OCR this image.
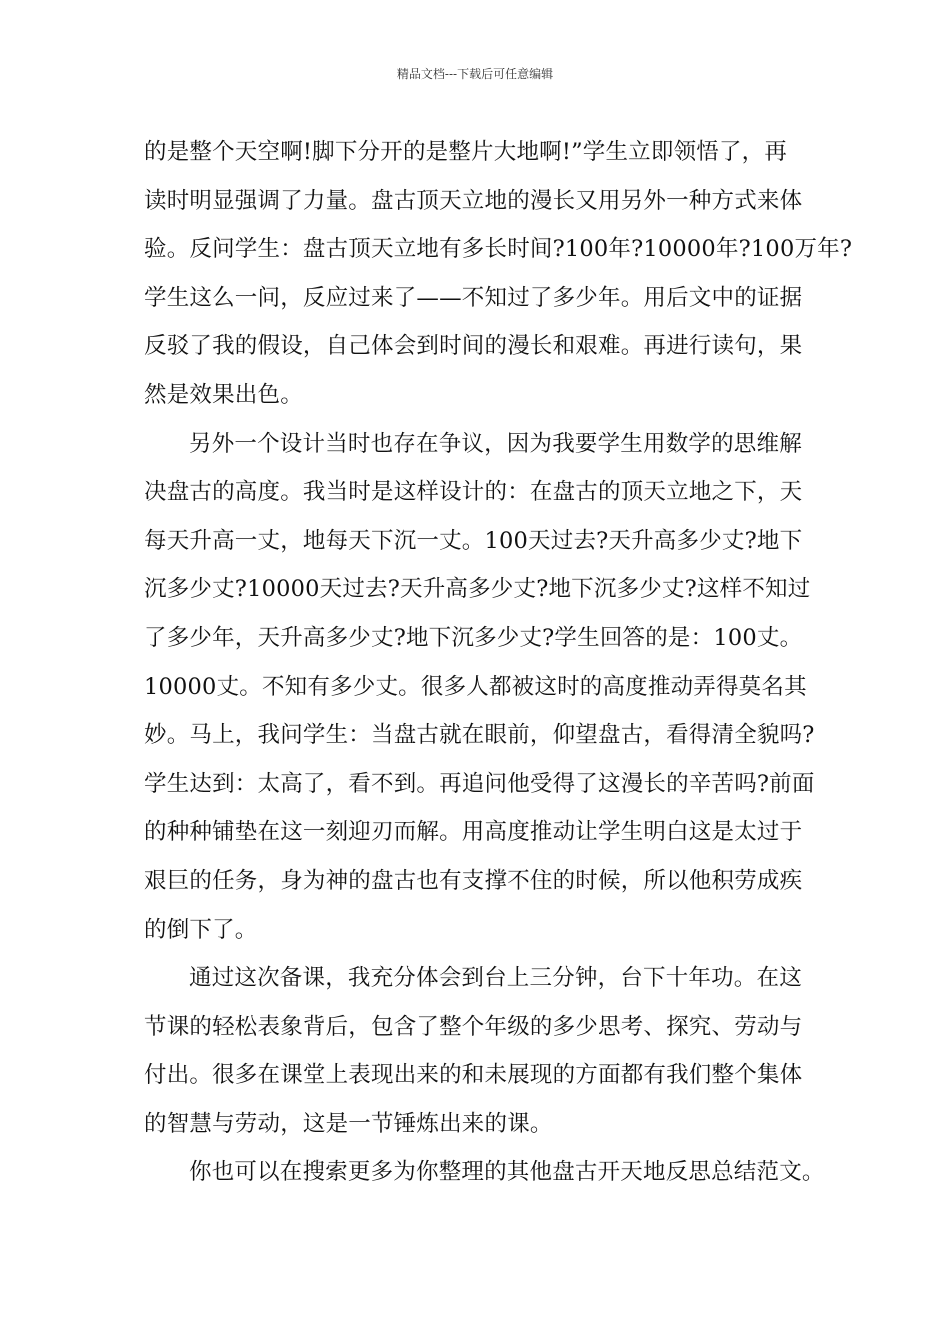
精品文档---下载后可任意编辑
的是整个天空啊!脚下分开的是整片大地啊!”学生立即领悟了，再
读时明显强调了力量。盘古顶天立地的漫长又用另外一种方式来体
验。反问学生：盘古顶天立地有多长时间?100年?10000年?100万年?
学生这么一问，反应过来了——不知过了多少年。用后文中的证据
反驳了我的假设，自己体会到时间的漫长和艰难。再进行读句，果
然是效果出色。
另外一个设计当时也存在争议，因为我要学生用数学的思维解
决盘古的高度。我当时是这样设计的：在盘古的顶天立地之下，天
每天升高一丈，地每天下沉一丈。100天过去?天升高多少丈?地下
沉多少丈?10000天过去?天升高多少丈?地下沉多少丈?这样不知过
了多少年，天升高多少丈?地下沉多少丈?学生回答的是：100丈。
10000丈。不知有多少丈。很多人都被这时的高度推动弄得莫名其
妙。马上，我问学生：当盘古就在眼前，仰望盘古，看得清全貌吗?
学生达到：太高了，看不到。再追问他受得了这漫长的辛苦吗?前面
的种种铺垫在这一刻迎刃而解。用高度推动让学生明白这是太过于
艰巨的任务，身为神的盘古也有支撑不住的时候，所以他积劳成疾
的倒下了。
通过这次备课，我充分体会到台上三分钟，台下十年功。在这
节课的轻松表象背后，包含了整个年级的多少思考、探究、劳动与
付出。很多在课堂上表现出来的和未展现的方面都有我们整个集体
的智慧与劳动，这是一节锤炼出来的课。
你也可以在搜索更多为你整理的其他盘古开天地反思总结范文。
